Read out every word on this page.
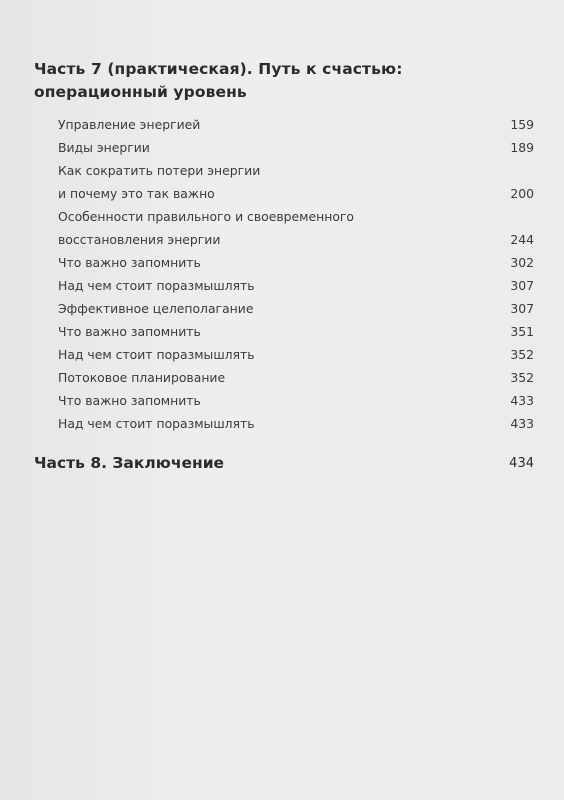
Часть 7 (практическая). Путь к счастью:
операционный уровень
Управление энергией	159
Виды энергии	189
Как сократить потери энергии
и почему это так важно	200
Особенности правильного и своевременного
восстановления энергии	244
Что важно запомнить	302
Над чем стоит поразмышлять	307
Эффективное целеполагание	307
Что важно запомнить	351
Над чем стоит поразмышлять	352
Потоковое планирование	352
Что важно запомнить	433
Над чем стоит поразмышлять	433
Часть 8. Заключение	434
